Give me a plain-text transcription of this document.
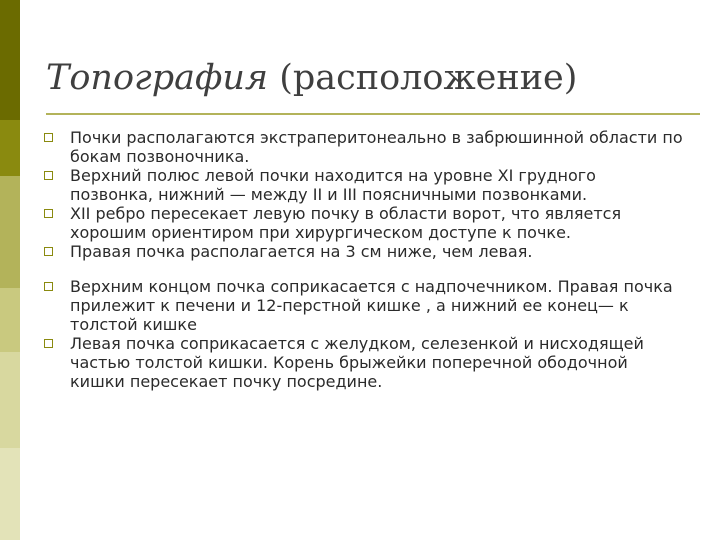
Топография (расположение)
Почки располагаются экстраперитонеально в забрюшинной области по бокам позвоночника.
Верхний полюс левой почки находится на уровне XI грудного позвонка, нижний — между II и III поясничными позвонками.
XII ребро пересекает левую почку в области ворот, что является хорошим ориентиром при хирургическом доступе к почке.
Правая почка располагается на 3 см ниже, чем левая.
Верхним концом почка соприкасается с надпочечником. Правая почка прилежит к печени и 12-перстной кишке , а нижний ее конец— к толстой кишке
Левая почка соприкасается с желудком, селезенкой и нисходящей частью толстой кишки. Корень брыжейки поперечной ободочной кишки пересекает почку посредине.
